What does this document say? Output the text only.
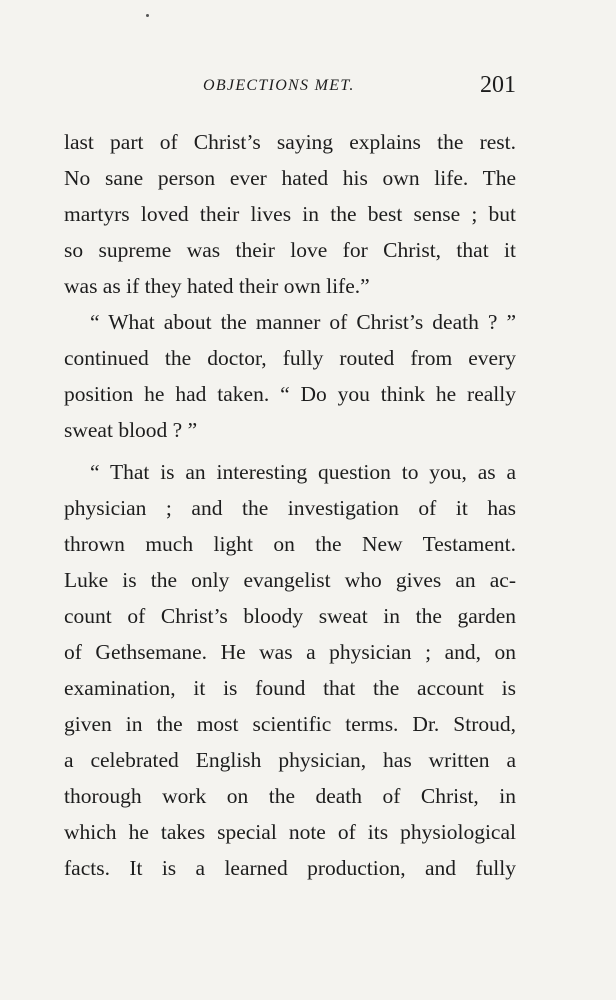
OBJECTIONS MET.	201
last part of Christ’s saying explains the rest.
No sane person ever hated his own life. The
martyrs loved their lives in the best sense ; but
so supreme was their love for Christ, that it
was as if they hated their own life.”
“ What about the manner of Christ’s death ? ”
continued the doctor, fully routed from every
position he had taken. “ Do you think he really
sweat blood ? ”
“ That is an interesting question to you, as a
physician ; and the investigation of it has
thrown much light on the New Testament.
Luke is the only evangelist who gives an ac-
count of Christ’s bloody sweat in the garden
of Gethsemane. He was a physician ; and, on
examination, it is found that the account is
given in the most scientific terms. Dr. Stroud,
a celebrated English physician, has written a
thorough work on the death of Christ, in
which he takes special note of its physiological
facts. It is a learned production, and fully
